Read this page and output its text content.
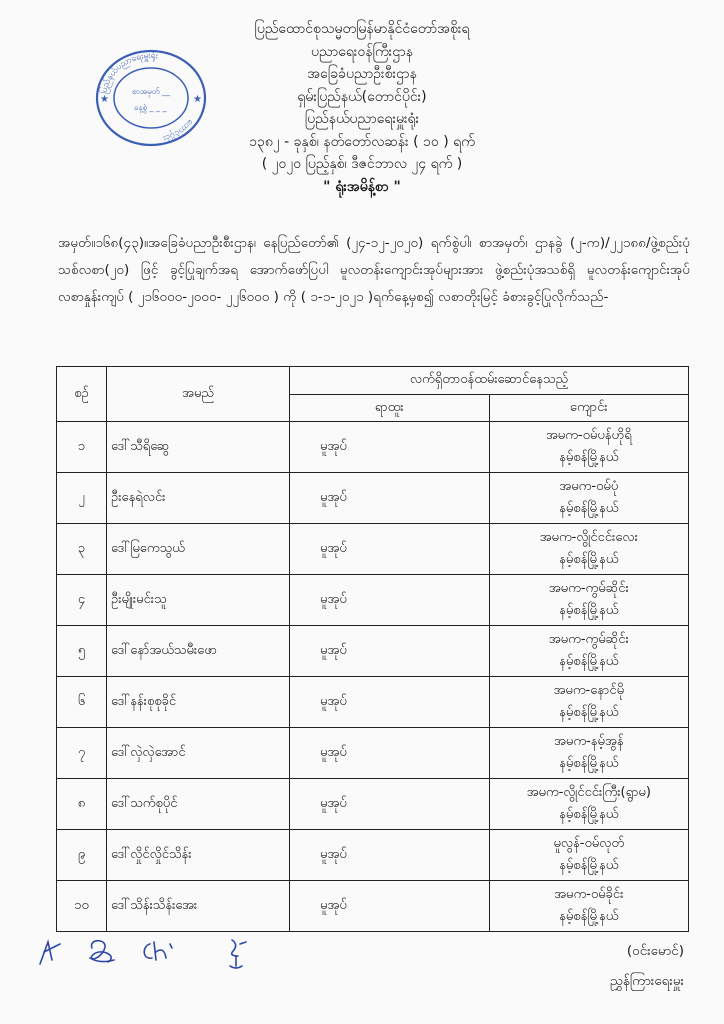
ပြည်နယ်ပညာရေးမှူးရုံး
တောင်ပိုင်း
★	★
စာအမှတ် __
နေ့စွဲ _ _ _
ပြည်ထောင်စုသမ္မတမြန်မာနိုင်ငံတော်အစိုးရ
ပညာရေးဝန်ကြီးဌာန
အခြေခံပညာဦးစီးဌာန
ရှမ်းပြည်နယ်(တောင်ပိုင်း)
ပြည်နယ်ပညာရေးမှူးရုံး
၁၃၈၂ - ခုနှစ်၊ နတ်တော်လဆန်း ( ၁၀ ) ရက်
( ၂၀၂၀ ပြည့်နှစ်၊ ဒီဇင်ဘာလ ၂၄ ရက် )
" ရုံးအမိန့်စာ "
အမှတ်။၁၆၈(၄၃)။အခြေခံပညာဦးစီးဌာန၊ နေပြည်တော်၏ (၂၄-၁၂-၂၀၂၀) ရက်စွဲပါ၊ စာအမှတ်၊ ဌာနခွဲ (၂-က)/၂၂၁၈၈/ဖွဲ့စည်းပုံသစ်လစာ(၂၀) ဖြင့် ခွင့်ပြုချက်အရ အောက်ဖော်ပြပါ မူလတန်းကျောင်းအုပ်များအား ဖွဲ့စည်းပုံအသစ်ရှိ မူလတန်းကျောင်းအုပ် လစာနှုန်းကျပ် ( ၂၁၆၀၀၀-၂၀၀၀- ၂၂၆၀၀၀ ) ကို ( ၁-၁-၂၀၂၁ )ရက်နေ့မှစ၍ လစာတိုးမြင့် ခံစားခွင့်ပြုလိုက်သည်-
စဥ်	အမည်	လက်ရှိတာဝန်ထမ်းဆောင်နေသည့်	
		ရာထူး	ကျောင်း
၁	ဒေါ်သီရိဆွေ	မူအုပ်	အမက-ဝမ်ပန်ဟိုရိ
နမ့်စန်မြို့နယ်

၂	ဦးနေရဲလင်း	မူအုပ်	အမက-ဝမ်ပုံ
နမ့်စန်မြို့နယ်

၃	ဒေါ်မြကေသွယ်	မူအုပ်	အမက-လွိုင်ငင်းလေး
နမ့်စန်မြို့နယ်

၄	ဦးမျိုးမင်းသူ	မူအုပ်	အမက-ကွမ်ဆိုင်း
နမ့်စန်မြို့နယ်

၅	ဒေါ်နော်အယ်သမီးဖော	မူအုပ်	အမက-ကွမ်ဆိုင်း
နမ့်စန်မြို့နယ်

၆	ဒေါ်နန်းစုစုခိုင်	မူအုပ်	အမက-နောင်မို
နမ့်စန်မြို့နယ်

၇	ဒေါ်လှဲလှဲအောင်	မူအုပ်	အမက-နမ့်အွန်
နမ့်စန်မြို့နယ်

၈	ဒေါ်သက်စုပိုင်	မူအုပ်	အမက-လွိုင်ငင်းကြီး(ရွာမ)
နမ့်စန်မြို့နယ်

၉	ဒေါ်လှိုင်လှိုင်သိန်း	မူအုပ်	မူလွန်-ဝမ်လုတ်
နမ့်စန်မြို့နယ်

၁၀	ဒေါ်သိန်းသိန်းအေး	မူအုပ်	အမက-ဝမ်ခိုင်း
နမ့်စန်မြို့နယ်
(ဝင်းမောင်)
ညွှန်ကြားရေးမှူး
